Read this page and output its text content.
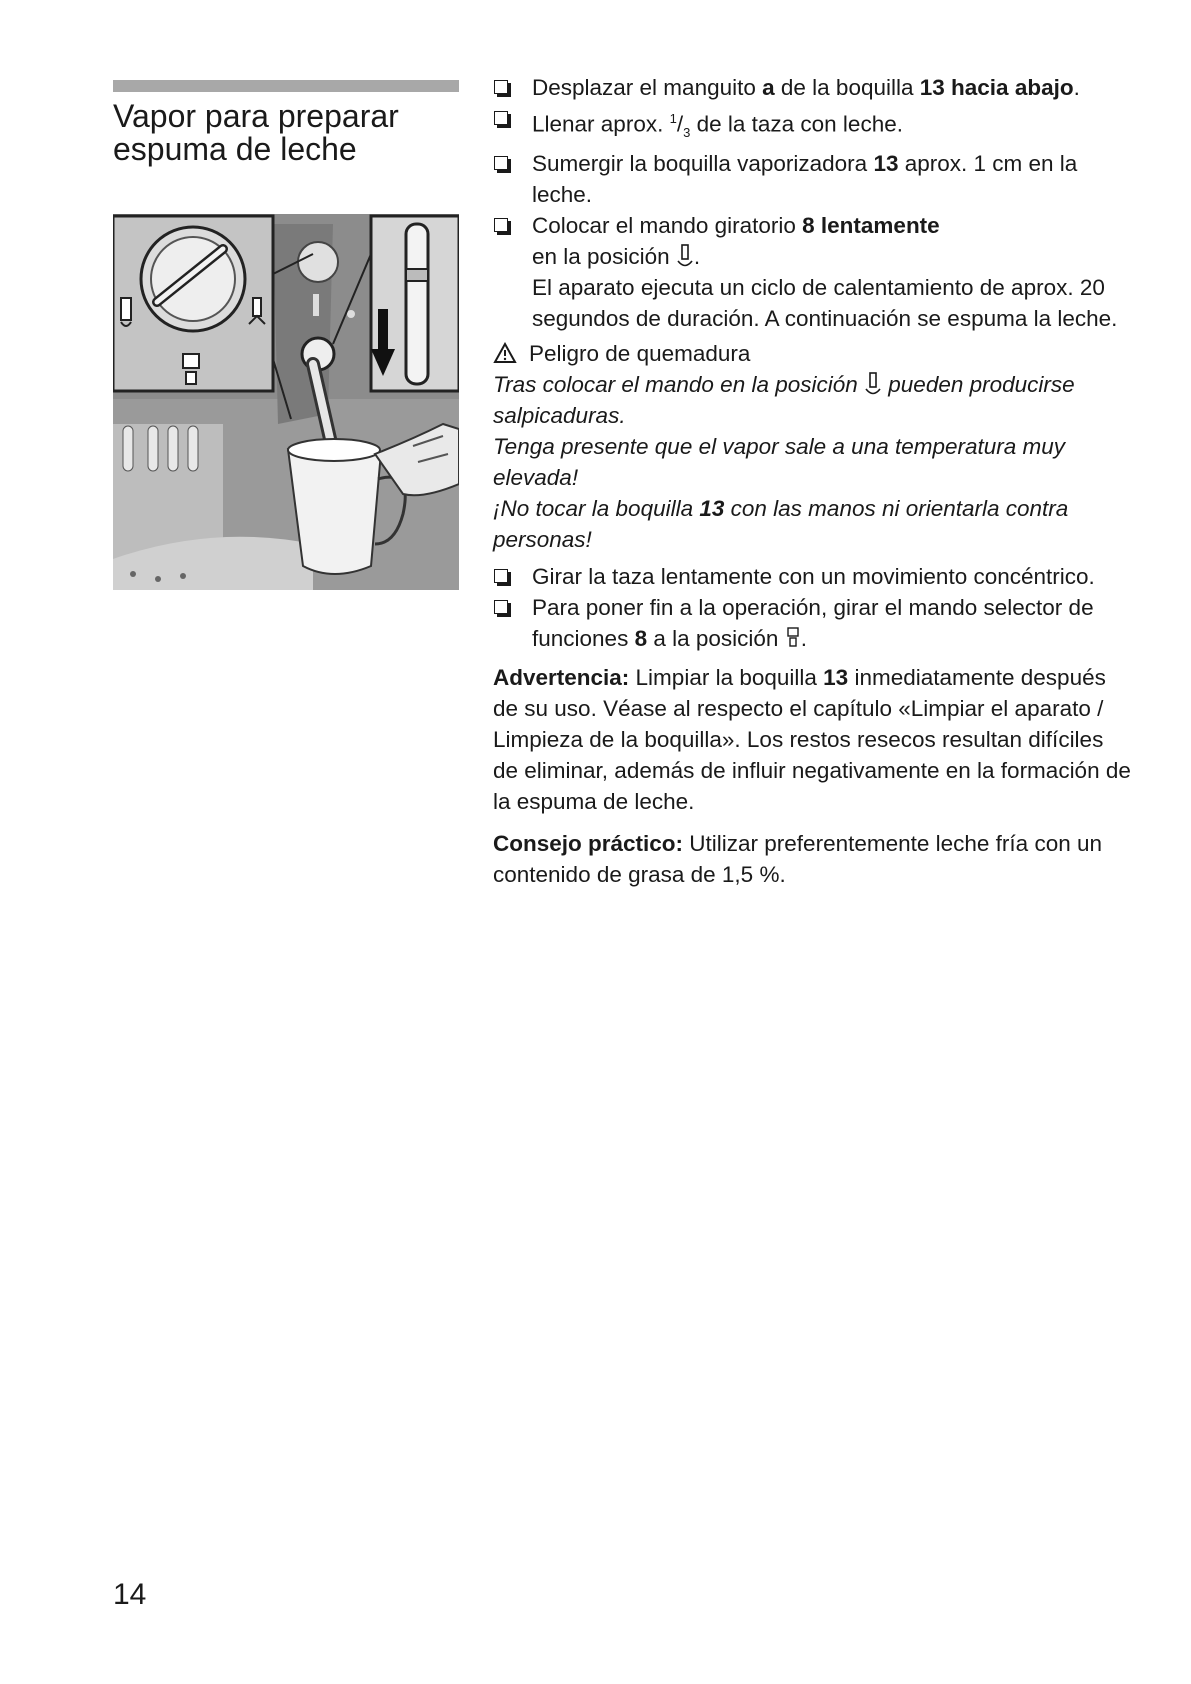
Vapor para preparar espuma de leche
Desplazar el manguito a de la boquilla 13 hacia abajo.
Llenar aprox. $^1/_3$ de la taza con leche.
Sumergir la boquilla vaporizadora 13 aprox. 1 cm en la leche.
Colocar el mando giratorio 8 lentamente
en la posición .
El aparato ejecuta un ciclo de calentamiento de aprox. 20 segundos de duración. A continuación se espuma la leche.
Peligro de quemadura
Tras colocar el mando en la posición  pueden producirse salpicaduras.
Tenga presente que el vapor sale a una temperatura muy elevada!
¡No tocar la boquilla 13 con las manos ni orientarla contra personas!
Girar la taza lentamente con un movimiento concéntrico.
Para poner fin a la operación, girar el mando selector de funciones 8 a la posición .
Advertencia: Limpiar la boquilla 13 inmediatamente después de su uso. Véase al respecto el capítulo «Limpiar el aparato / Limpieza de la boquilla». Los restos resecos resultan difíciles de eliminar, además de influir negativamente en la formación de la espuma de leche.
Consejo práctico: Utilizar preferentemente leche fría con un contenido de grasa de 1,5 %.
14
